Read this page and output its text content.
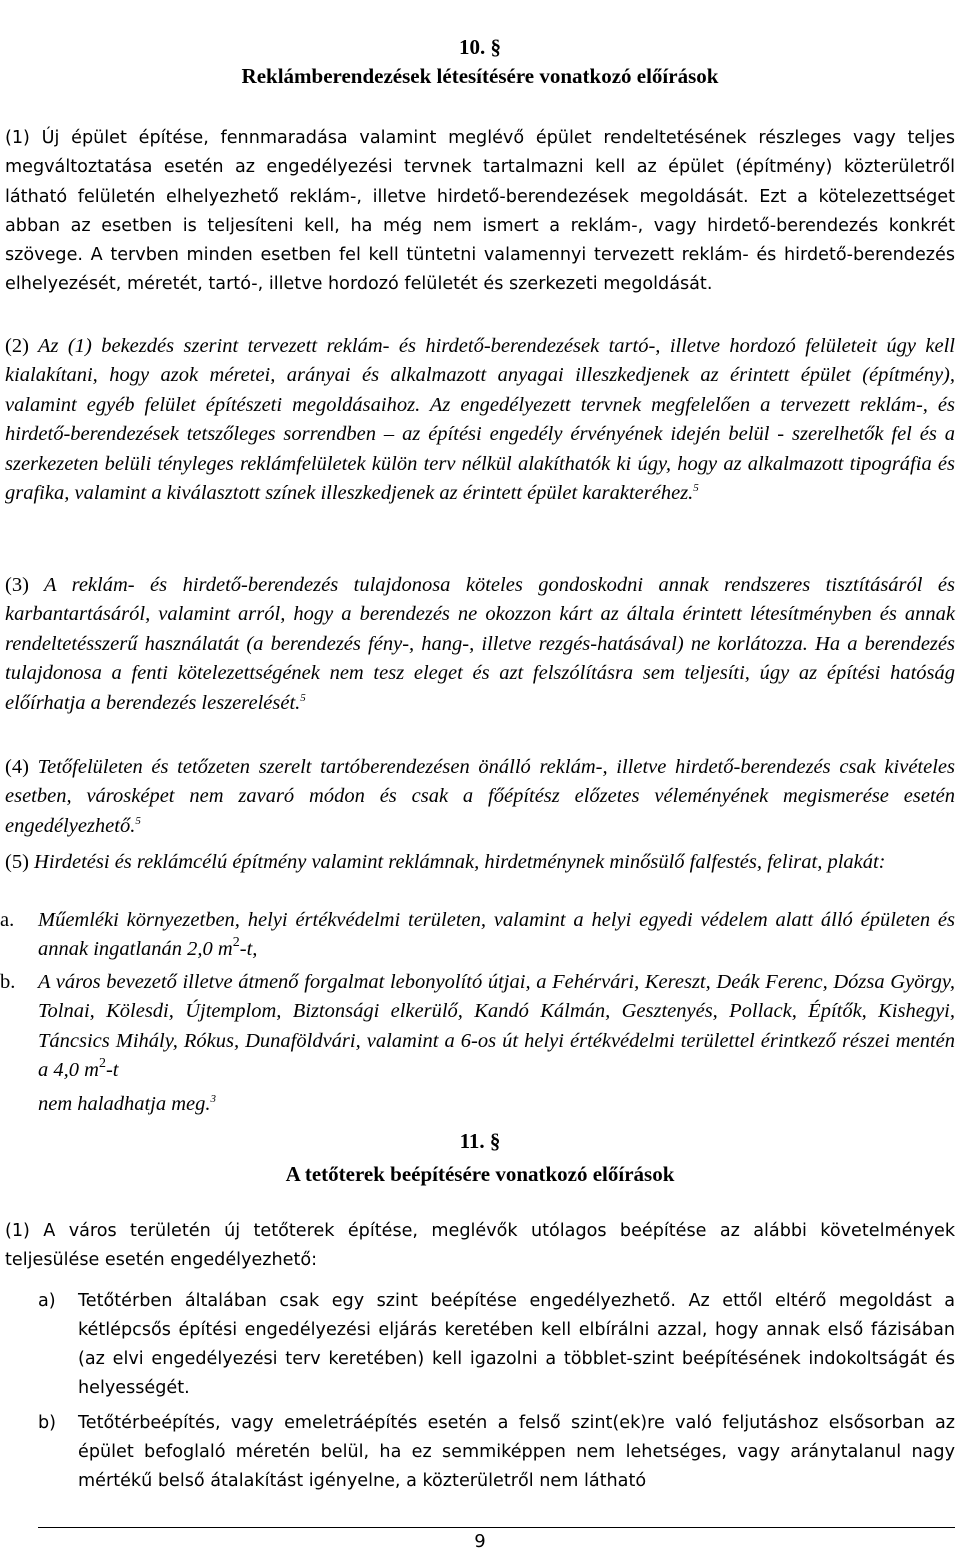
10. §
Reklámberendezések létesítésére vonatkozó előírások
(1) Új épület építése, fennmaradása valamint meglévő épület rendeltetésének részleges vagy teljes megváltoztatása esetén az engedélyezési tervnek tartalmazni kell az épület (építmény) közterületről látható felületén elhelyezhető reklám-, illetve hirdető-berendezések megoldását. Ezt a kötelezettséget abban az esetben is teljesíteni kell, ha még nem ismert a reklám-, vagy hirdető-berendezés konkrét szövege. A tervben minden esetben fel kell tüntetni valamennyi tervezett reklám- és hirdető-berendezés elhelyezését, méretét, tartó-, illetve hordozó felületét és szerkezeti megoldását.
(2) Az (1) bekezdés szerint tervezett reklám- és hirdető-berendezések tartó-, illetve hordozó felületeit úgy kell kialakítani, hogy azok méretei, arányai és alkalmazott anyagai illeszkedjenek az érintett épület (építmény), valamint egyéb felület építészeti megoldásaihoz. Az engedélyezett tervnek megfelelően a tervezett reklám-, és hirdető-berendezések tetszőleges sorrendben – az építési engedély érvényének idején belül - szerelhetők fel és a szerkezeten belüli tényleges reklámfelületek külön terv nélkül alakíthatók ki úgy, hogy az alkalmazott tipográfia és grafika, valamint a kiválasztott színek illeszkedjenek az érintett épület karakteréhez.$^5$
(3) A reklám- és hirdető-berendezés tulajdonosa köteles gondoskodni annak rendszeres tisztításáról és karbantartásáról, valamint arról, hogy a berendezés ne okozzon kárt az általa érintett létesítményben és annak rendeltetésszerű használatát (a berendezés fény-, hang-, illetve rezgés-hatásával) ne korlátozza. Ha a berendezés tulajdonosa a fenti kötelezettségének nem tesz eleget és azt felszólításra sem teljesíti, úgy az építési hatóság előírhatja a berendezés leszerelését.$^5$
(4) Tetőfelületen és tetőzeten szerelt tartóberendezésen önálló reklám-, illetve hirdető-berendezés csak kivételes esetben, városképet nem zavaró módon és csak a főépítész előzetes véleményének megismerése esetén engedélyezhető.$^5$
(5) Hirdetési és reklámcélú építmény valamint reklámnak, hirdetménynek minősülő falfestés, felirat, plakát:
a. Műemléki környezetben, helyi értékvédelmi területen, valamint a helyi egyedi védelem alatt álló épületen és annak ingatlanán 2,0 $m^2-t$,
b. A város bevezető illetve átmenő forgalmat lebonyolító útjai, a Fehérvári, Kereszt, Deák Ferenc, Dózsa György, Tolnai, Kölesdi, Újtemplom, Biztonsági elkerülő, Kandó Kálmán, Gesztenyés, Pollack, Építők, Kishegyi, Táncsics Mihály, Rókus, Dunaföldvári, valamint a 6-os út helyi értékvédelmi területtel érintkező részei mentén a 4,0 $m^2-t$
nem haladhatja meg.$^3$
11. §
A tetőterek beépítésére vonatkozó előírások
(1) A város területén új tetőterek építése, meglévők utólagos beépítése az alábbi követelmények teljesülése esetén engedélyezhető:
a) Tetőtérben általában csak egy szint beépítése engedélyezhető. Az ettől eltérő megoldást a kétlépcsős építési engedélyezési eljárás keretében kell elbírálni azzal, hogy annak első fázisában (az elvi engedélyezési terv keretében) kell igazolni a többlet-szint beépítésének indokoltságát és helyességét.
b) Tetőtérbeépítés, vagy emeletráépítés esetén a felső szint(ek)re való feljutáshoz elsősorban az épület befoglaló méretén belül, ha ez semmiképpen nem lehetséges, vagy aránytalanul nagy mértékű belső átalakítást igényelne, a közterületről nem látható
9
